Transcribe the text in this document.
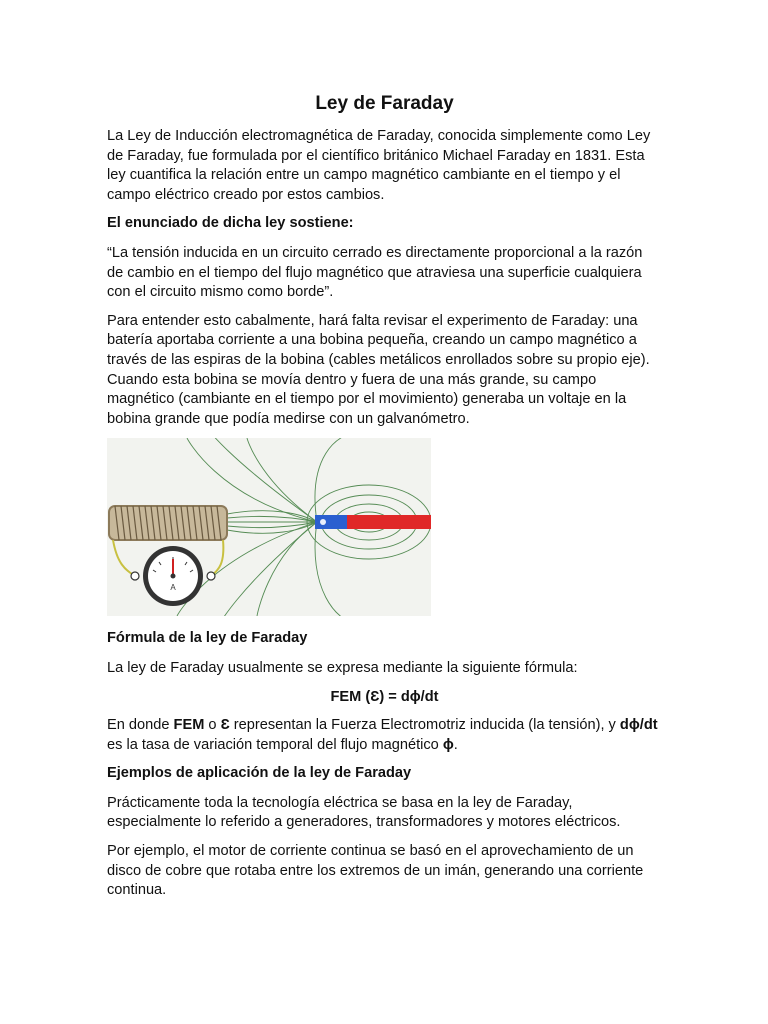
Ley de Faraday

La Ley de Inducción electromagnética de Faraday, conocida simplemente como Ley de Faraday, fue formulada por el científico británico Michael Faraday en 1831. Esta ley cuantifica la relación entre un campo magnético cambiante en el tiempo y el campo eléctrico creado por estos cambios.

El enunciado de dicha ley sostiene:

“La tensión inducida en un circuito cerrado es directamente proporcional a la razón de cambio en el tiempo del flujo magnético que atraviesa una superficie cualquiera con el circuito mismo como borde”.

Para entender esto cabalmente, hará falta revisar el experimento de Faraday: una batería aportaba corriente a una bobina pequeña, creando un campo magnético a través de las espiras de la bobina (cables metálicos enrollados sobre su propio eje). Cuando esta bobina se movía dentro y fuera de una más grande, su campo magnético (cambiante en el tiempo por el movimiento) generaba un voltaje en la bobina grande que podía medirse con un galvanómetro.

A

Fórmula de la ley de Faraday

La ley de Faraday usualmente se expresa mediante la siguiente fórmula:

FEM (Ɛ) = dϕ/dt

En donde FEM o Ɛ representan la Fuerza Electromotriz inducida (la tensión), y dϕ/dt es la tasa de variación temporal del flujo magnético ϕ.

Ejemplos de aplicación de la ley de Faraday

Prácticamente toda la tecnología eléctrica se basa en la ley de Faraday, especialmente lo referido a generadores, transformadores y motores eléctricos.

Por ejemplo, el motor de corriente continua se basó en el aprovechamiento de un disco de cobre que rotaba entre los extremos de un imán, generando una corriente continua.
